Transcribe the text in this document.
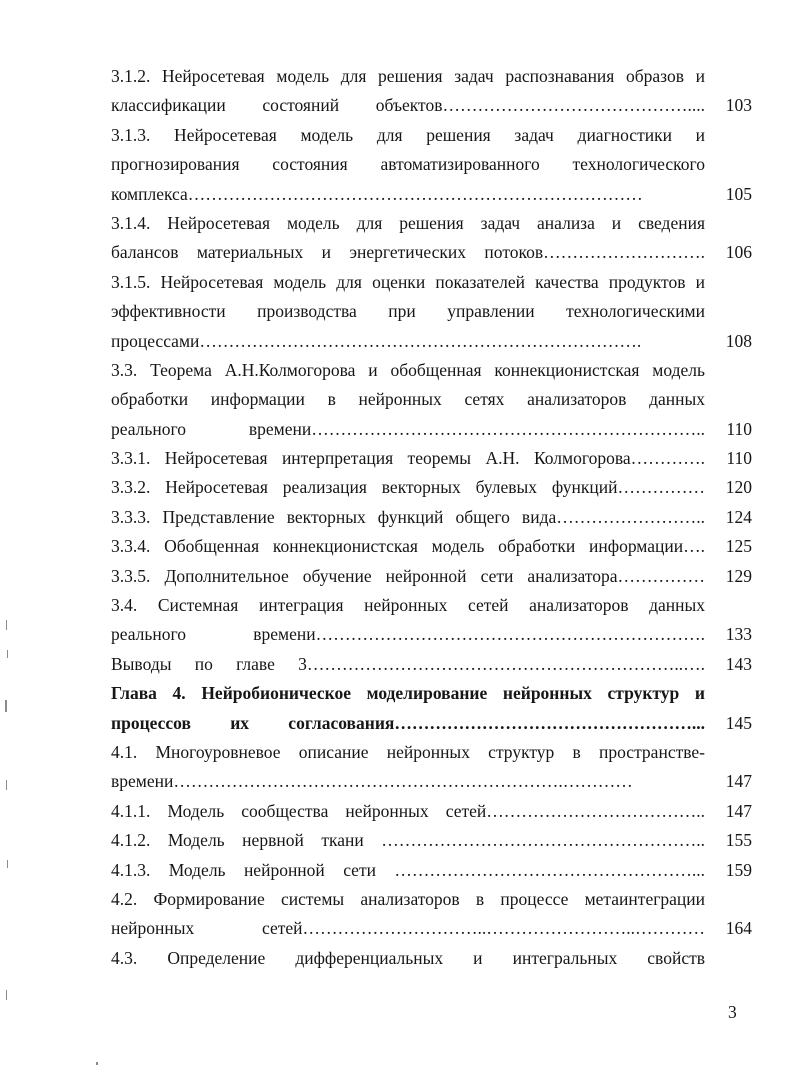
3.1.2. Нейросетевая модель для решения задач распознавания образов и
классификации состояний объектов……………………………………....	103
3.1.3. Нейросетевая модель для решения задач диагностики и
прогнозирования состояния автоматизированного технологического
комплекса……………………………………………………………………	105
3.1.4. Нейросетевая модель для решения задач анализа и сведения
балансов материальных и энергетических потоков……………………….	106
3.1.5. Нейросетевая модель для оценки показателей качества продуктов и
эффективности производства при управлении технологическими
процессами………………………………………………………………….	108
3.3. Теорема А.Н.Колмогорова и обобщенная коннекционистская модель
обработки информации в нейронных сетях анализаторов данных
реального времени…………………………………………………………..	110
3.3.1. Нейросетевая интерпретация теоремы А.Н. Колмогорова………….	110
3.3.2. Нейросетевая реализация векторных булевых функций……………	120
3.3.3. Представление векторных функций общего вида……………………..	124
3.3.4. Обобщенная коннекционистская модель обработки информации….	125
3.3.5. Дополнительное обучение нейронной сети анализатора……………	129
3.4. Системная интеграция нейронных сетей анализаторов данных
реального времени………………………………………………………….	133
Выводы по главе 3………………………………………………………..….	143
Глава 4. Нейробионическое моделирование нейронных структур и
процессов их согласования……………………………………………...	145
4.1. Многоуровневое описание нейронных структур в пространстве-
времени………………………………………………………….…………	147
4.1.1. Модель сообщества нейронных сетей………………………………..	147
4.1.2. Модель нервной ткани ………………………………………………..	155
4.1.3. Модель нейронной сети ……………………………………………...	159
4.2. Формирование системы анализаторов в процессе метаинтеграции
нейронных сетей…………………………..……………………..…………	164
4.3. Определение дифференциальных и интегральных свойств
3
